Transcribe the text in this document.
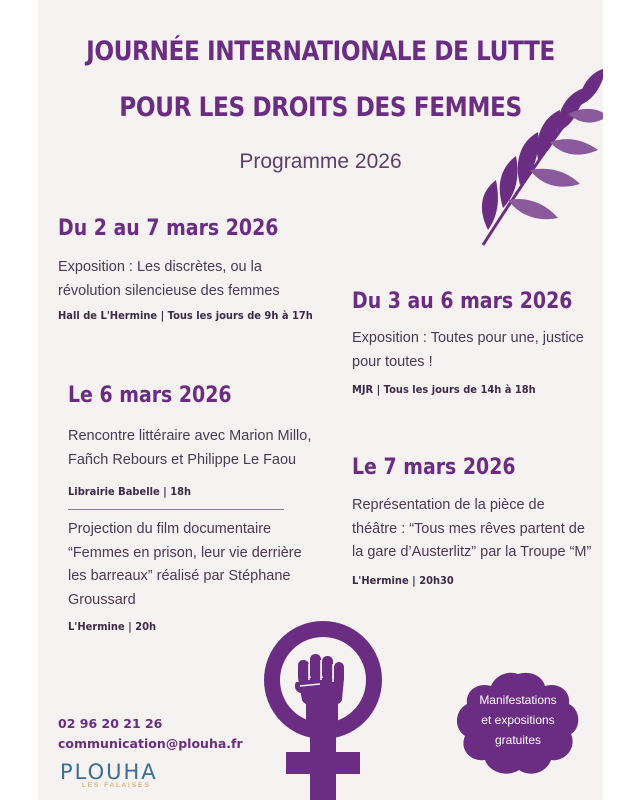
JOURNÉE INTERNATIONALE DE LUTTE
POUR LES DROITS DES FEMMES
Programme 2026
Du 2 au 7 mars 2026
Exposition : Les discrètes, ou la
révolution silencieuse des femmes
Hall de L'Hermine | Tous les jours de 9h à 17h
Du 3 au 6 mars 2026
Exposition : Toutes pour une, justice
pour toutes !
MJR | Tous les jours de 14h à 18h
Le 6 mars 2026
Rencontre littéraire avec Marion Millo,
Fañch Rebours et Philippe Le Faou
Librairie Babelle | 18h
Projection du film documentaire
“Femmes en prison, leur vie derrière
les barreaux” réalisé par Stéphane
Groussard
L'Hermine | 20h
Le 7 mars 2026
Représentation de la pièce de
théâtre : “Tous mes rêves partent de
la gare d’Austerlitz” par la Troupe “M”
L'Hermine | 20h30
Manifestations
et expositions
gratuites
02 96 20 21 26
communication@plouha.fr
PLOUHA
LES FALAISES
